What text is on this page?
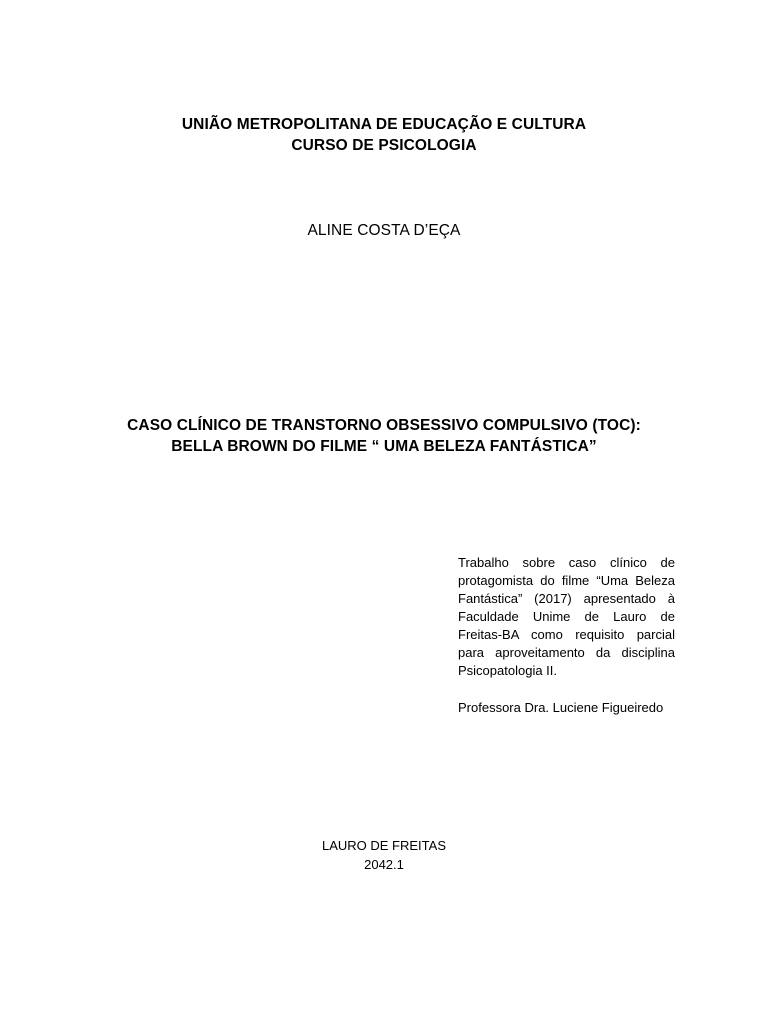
UNIÃO METROPOLITANA DE EDUCAÇÃO E CULTURA
CURSO DE PSICOLOGIA
ALINE COSTA D’EÇA
CASO CLÍNICO DE TRANSTORNO OBSESSIVO COMPULSIVO (TOC):
BELLA BROWN DO FILME “ UMA BELEZA FANTÁSTICA”

Trabalho sobre caso clínico de protagomista do filme “Uma Beleza Fantástica” (2017) apresentado à Faculdade Unime de Lauro de Freitas-BA como requisito parcial para aproveitamento da disciplina Psicopatologia II.

Professora Dra. Luciene Figueiredo
LAURO DE FREITAS
2042.1
